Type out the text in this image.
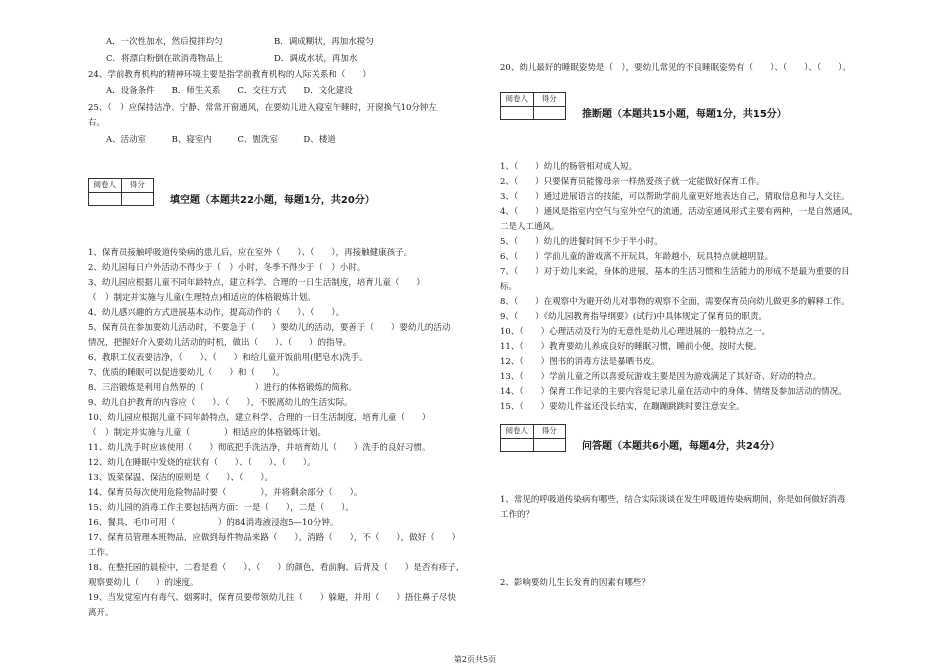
A．一次性加水，然后搅拌均匀	B．调成糊状，再加水搅匀
C．将漂白粉倒在欲消毒物品上	D．调成水状，再加水
24、学前教育机构的精神环境主要是指学前教育机构的人际关系和（　　）
A．设备条件　　B．师生关系　　C．交往方式　　D．文化建设
25、（　）应保持洁净、宁静、常常开窗通风，在要幼儿进入寝室午睡时，开窗换气10分钟左
右。
A、活动室　　　B、寝室内　　　C、盥洗室　　　D、楼道
阅卷人	得分
填空题（本题共22小题，每题1分，共20分）
1、保育员接触呼吸道传染病的患儿后，应在室外（　　）、（　　），再接触健康孩子。
2、幼儿园每日户外活动不得少于（　）小时，冬季不得少于（　）小时。
3、幼儿园应根据儿童不同年龄特点，建立科学、合理的一日生活制度，培育儿童（　　）
（　）制定并实施与儿童(生理特点)相适应的体格锻炼计划。
4、幼儿感兴趣的方式进展基本动作，提高动作的（　　）、（　　）。
5、保育员在参加要幼儿活动时，不要急于（　　）要幼儿的活动，要善于（　　）要幼儿的活动
情况，把握好介入要幼儿活动的时机，做出（　　）、（　　）的指导。
6、教职工仪表要洁净，（　　）、（　　）和给儿童开饭前用(肥皂水)洗手。
7、优质的睡眠可以促进要幼儿（　　）和（　　）。
8、三浴锻炼是利用自然界的（　　　　　　）进行的体格锻炼的简称。
9、幼儿自护教育的内容应（　　）、（　　），不脱离幼儿的生活实际。
10、幼儿园应根据儿童不同年龄特点，建立科学、合理的一日生活制度，培育儿童（　　）
（　）制定并实施与儿童（　　　　）相适应的体格锻炼计划。
11、幼儿洗手时应该使用（　　）彻底把手洗洁净，并培育幼儿（　　）洗手的良好习惯。
12、幼儿在睡眠中发烧的症状有（　　）、（　　）、（　　）。
13、饭菜保温、保洁的原则是（　　）、（　　）。
14、保育员每次使用危险物品时要（　　　　），并将剩余部分（　　）。
15、幼儿园的消毒工作主要包括两方面：一是（　　），二是（　　）。
16、餐具、毛巾可用（　　　　　）的84消毒液浸泡5—10分钟。
17、保育员管理本班物品，应做到每件物品来路（　　），消路（　　），不（　　），做好（　　）
工作。
18、在整托园的晨检中，二看是看（　　）、（　　）的颜色，看前胸、后背及（　　）是否有疹子，
观察要幼儿（　　）的速度。
19、当发觉室内有毒气、烟雾时，保育员要带领幼儿往（　　）躲避，并用（　　）捂住鼻子尽快
离开。
20、幼儿最好的睡眠姿势是（　），要幼儿常见的不良睡眠姿势有（　　）、（　　）、（　　）。
阅卷人	得分
推断题（本题共15小题，每题1分，共15分）
1、（　　）幼儿的肠管相对成人短。
2、（　　）只要保育员能像母亲一样热爱孩子就一定能做好保育工作。
3、（　　）通过进展语言的技能，可以帮助学前儿童更好地表达自己，猜取信息和与人交往。
4、（　　）通风是指室内空气与室外空气的流通，活动室通风形式主要有两种，一是自然通风，
二是人工通风。
5、（　　）幼儿的进餐时间不少于半小时。
6、（　　）学前儿童的游戏离不开玩具，年龄越小，玩具特点就越明显。
7、（　　）对于幼儿来说，身体的进展，基本的生活习惯和生活能力的形成不是最为重要的目
标。
8、（　　）在观察中为避开幼儿对事物的观察不全面，需要保育员向幼儿做更多的解释工作。
9、（　　）《幼儿园教育指导纲要》(试行)中具体规定了保育员的职责。
10、（　　）心理活动及行为的无意性是幼儿心理进展的一般特点之一。
11、（　　）教育要幼儿养成良好的睡眠习惯，睡前小便，按时大便。
12、（　　）图书的消毒方法是暴晒书皮。
13、（　　）学前儿童之所以喜爱玩游戏主要是因为游戏满足了其好奇、好动的特点。
14、（　　）保育工作记录的主要内容是记录儿童在活动中的身体、情绪及参加活动的情况。
15、（　　）要幼儿件盆还没长结实，在蹦蹦跳跳时要注意安全。
阅卷人	得分
问答题（本题共6小题，每题4分，共24分）
1、常见的呼吸道传染病有哪些，结合实际谈谈在发生呼吸道传染病期间，你是如何做好消毒
工作的？
2、影响要幼儿生长发育的因素有哪些？
第2页共5页
